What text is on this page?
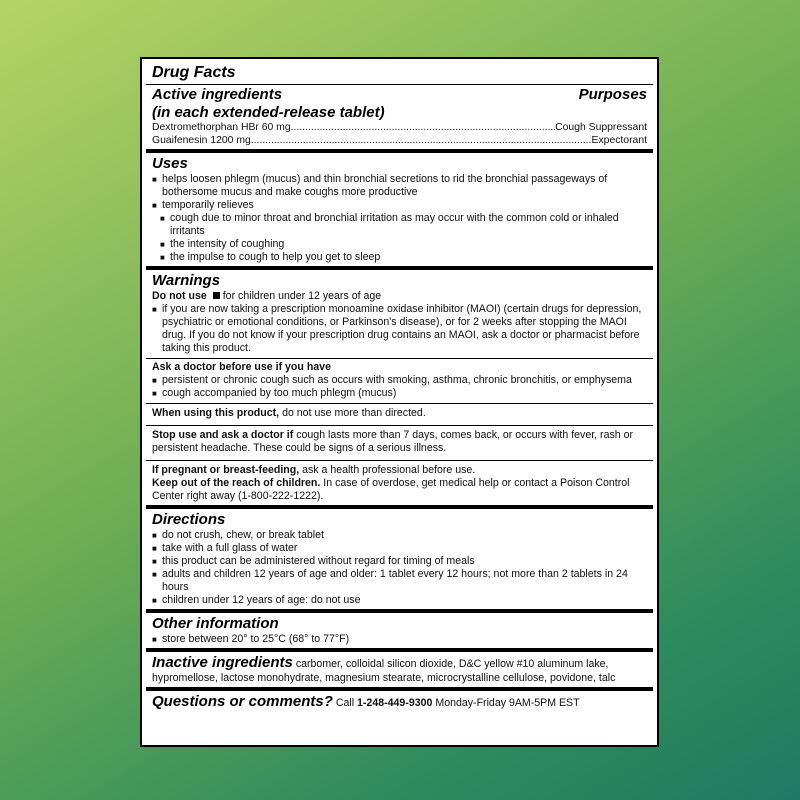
Drug Facts
Active ingredients	Purposes
(in each extended-release tablet)
Dextromethorphan HBr 60 mg .....	Cough Suppressant
Guaifenesin 1200 mg .....	Expectorant
Uses
■ helps loosen phlegm (mucus) and thin bronchial secretions to rid the bronchial passageways of bothersome mucus and make coughs more productive
■ temporarily relieves
■ cough due to minor throat and bronchial irritation as may occur with the common cold or inhaled irritants
■ the intensity of coughing
■ the impulse to cough to help you get to sleep
Warnings
Do not use for children under 12 years of age
■ if you are now taking a prescription monoamine oxidase inhibitor (MAOI) (certain drugs for depression, psychiatric or emotional conditions, or Parkinson's disease), or for 2 weeks after stopping the MAOI drug. If you do not know if your prescription drug contains an MAOI, ask a doctor or pharmacist before taking this product.
Ask a doctor before use if you have
■ persistent or chronic cough such as occurs with smoking, asthma, chronic bronchitis, or emphysema
■ cough accompanied by too much phlegm (mucus)
When using this product, do not use more than directed.
Stop use and ask a doctor if cough lasts more than 7 days, comes back, or occurs with fever, rash or persistent headache. These could be signs of a serious illness.
If pregnant or breast-feeding, ask a health professional before use.
Keep out of the reach of children. In case of overdose, get medical help or contact a Poison Control Center right away (1-800-222-1222).
Directions
■ do not crush, chew, or break tablet
■ take with a full glass of water
■ this product can be administered without regard for timing of meals
■ adults and children 12 years of age and older: 1 tablet every 12 hours; not more than 2 tablets in 24 hours
■ children under 12 years of age: do not use
Other information
■ store between 20° to 25°C (68° to 77°F)
Inactive ingredients carbomer, colloidal silicon dioxide, D&C yellow #10 aluminum lake, hypromellose, lactose monohydrate, magnesium stearate, microcrystalline cellulose, povidone, talc
Questions or comments? Call 1-248-449-9300 Monday-Friday 9AM-5PM EST
